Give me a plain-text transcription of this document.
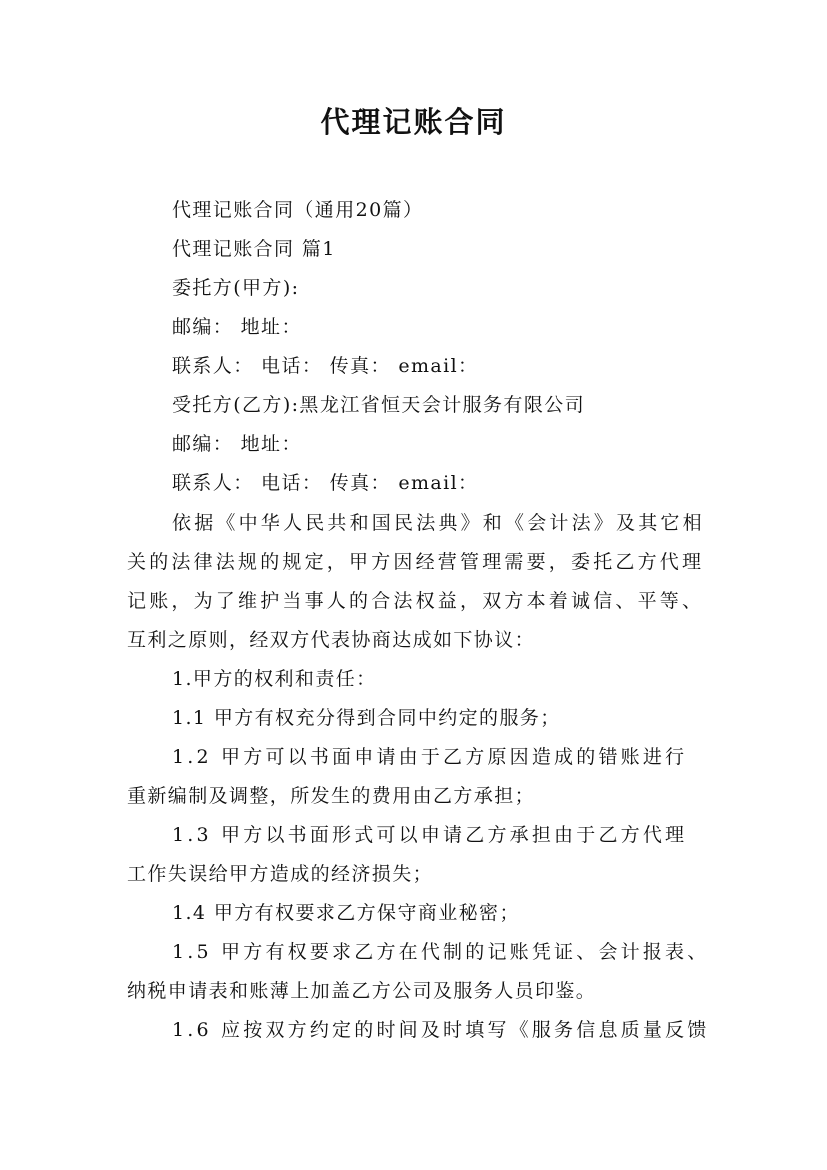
代理记账合同
代理记账合同（通用20篇）
代理记账合同 篇1
委托方(甲方):
邮编： 地址：
联系人： 电话： 传真： email：
受托方(乙方):黑龙江省恒天会计服务有限公司
邮编： 地址：
联系人： 电话： 传真： email：
依据《中华人民共和国民法典》和《会计法》及其它相
关的法律法规的规定，甲方因经营管理需要，委托乙方代理
记账，为了维护当事人的合法权益，双方本着诚信、平等、
互利之原则，经双方代表协商达成如下协议：
1.甲方的权利和责任：
1.1 甲方有权充分得到合同中约定的服务；
1.2 甲方可以书面申请由于乙方原因造成的错账进行
重新编制及调整，所发生的费用由乙方承担；
1.3 甲方以书面形式可以申请乙方承担由于乙方代理
工作失误给甲方造成的经济损失；
1.4 甲方有权要求乙方保守商业秘密；
1.5 甲方有权要求乙方在代制的记账凭证、会计报表、
纳税申请表和账薄上加盖乙方公司及服务人员印鉴。
1.6 应按双方约定的时间及时填写《服务信息质量反馈
